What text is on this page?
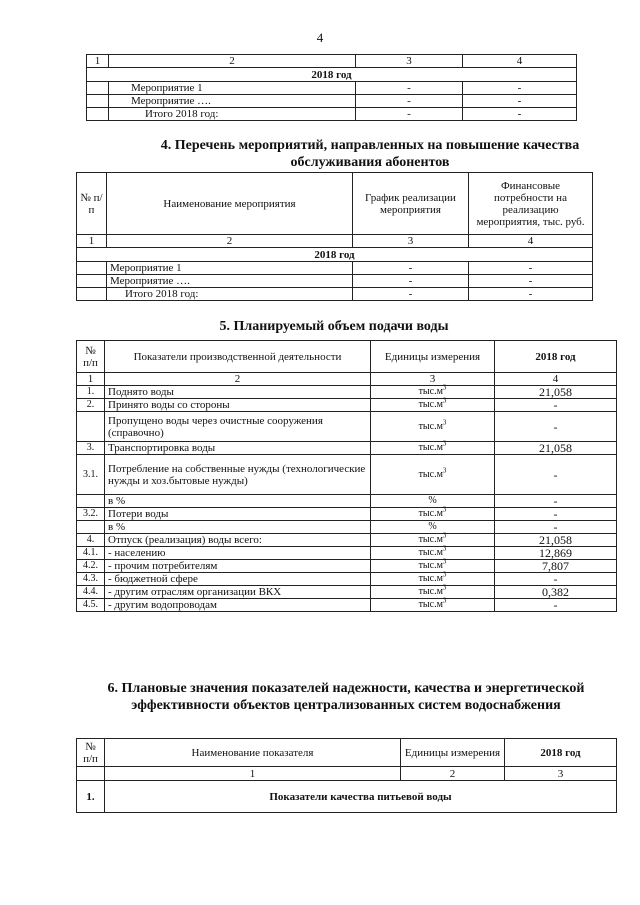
4
1	2	3	4
2018 год			
	Мероприятие 1	-	-
	Мероприятие ….	-	-
	Итого 2018 год:	-	-
4. Перечень мероприятий, направленных на повышение качества обслуживания абонентов
№ п/п	Наименование мероприятия	График реализации мероприятия	Финансовые потребности на реализацию мероприятия, тыс. руб.
1	2	3	4
2018 год			
	Мероприятие 1	-	-
	Мероприятие ….	-	-
	Итого 2018 год:	-	-
5. Планируемый объем подачи воды
№ п/п	Показатели производственной деятельности	Единицы измерения	2018 год
1	2	3	4
1.	Поднято воды	$тыс.м^3$	21,058
2.	Принято воды со стороны	$тыс.м^3$	-
	Пропущено воды через очистные сооружения (справочно)	$тыс.м^3$	-
3.	Транспортировка воды	$тыс.м^3$	21,058
3.1.	Потребление на собственные нужды (технологические нужды и хоз.бытовые нужды)	$тыс.м^3$	-
	в %	%	-
3.2.	Потери воды	$тыс.м^3$	-
	в %	%	-
4.	Отпуск (реализация) воды всего:	$тыс.м^3$	21,058
4.1.	- населению	$тыс.м^3$	12,869
4.2.	- прочим потребителям	$тыс.м^3$	7,807
4.3.	- бюджетной сфере	$тыс.м^3$	-
4.4.	- другим отраслям организации ВКХ	$тыс.м^3$	0,382
4.5.	- другим водопроводам	$тыс.м^3$	-
6. Плановые значения показателей надежности, качества и энергетической эффективности объектов централизованных систем водоснабжения
№ п/п	Наименование показателя	Единицы измерения	2018 год
	1	2	3
1.	Показатели качества питьевой воды		
